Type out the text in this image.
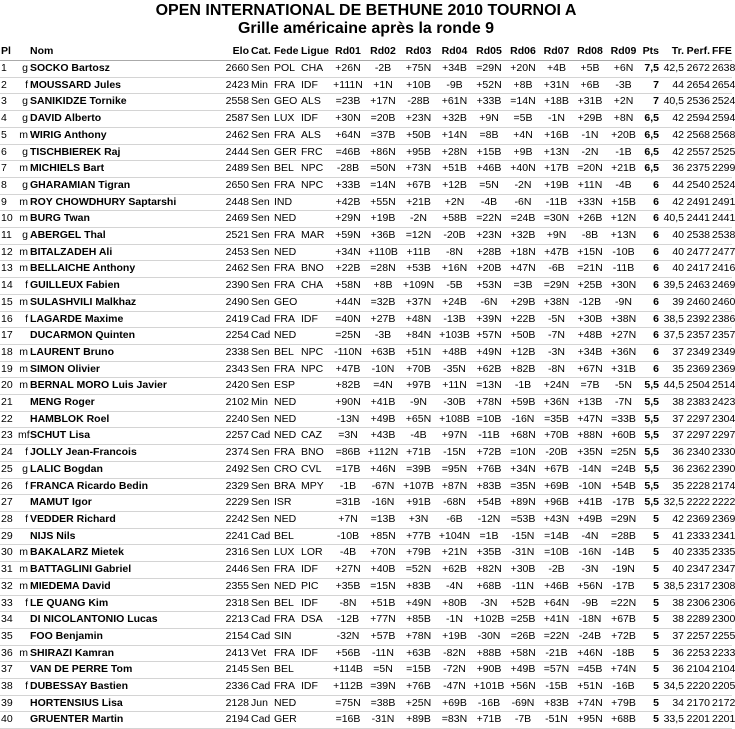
OPEN INTERNATIONAL DE BETHUNE 2010 TOURNOI A
Grille américaine après la ronde 9
Pl		Nom	Elo	Cat.	Fede	Ligue	Rd01	Rd02	Rd03	Rd04	Rd05	Rd06	Rd07	Rd08	Rd09	Pts	Tr.	Perf.	FFE
1	g	SOCKO Bartosz	2660	Sen	POL	CHA	+26N	-2B	+75N	+34B	=29N	+20N	+4B	+5B	+6N	7,5	42,5	2672	2638
2	f	MOUSSARD Jules	2423	Min	FRA	IDF	+111N	+1N	+10B	-9B	+52N	+8B	+31N	+6B	-3B	7	44	2654	2654
3	g	SANIKIDZE Tornike	2558	Sen	GEO	ALS	=23B	+17N	-28B	+61N	+33B	=14N	+18B	+31B	+2N	7	40,5	2536	2524
4	g	DAVID Alberto	2587	Sen	LUX	IDF	+30N	=20B	+23N	+32B	+9N	=5B	-1N	+29B	+8N	6,5	42	2594	2594
5	m	WIRIG Anthony	2462	Sen	FRA	ALS	+64N	=37B	+50B	+14N	=8B	+4N	+16B	-1N	+20B	6,5	42	2568	2568
6	g	TISCHBIEREK Raj	2444	Sen	GER	FRC	=46B	+86N	+95B	+28N	+15B	+9B	+13N	-2N	-1B	6,5	42	2557	2525
7	m	MICHIELS Bart	2489	Sen	BEL	NPC	-28B	=50N	+73N	+51B	+46B	+40N	+17B	=20N	+21B	6,5	36	2375	2299
8	g	GHARAMIAN Tigran	2650	Sen	FRA	NPC	+33B	=14N	+67B	+12B	=5N	-2N	+19B	+11N	-4B	6	44	2540	2524
9	m	ROY CHOWDHURY Saptarshi	2448	Sen	IND		+42B	+55N	+21B	+2N	-4B	-6N	-11B	+33N	+15B	6	42	2491	2491
10	m	BURG Twan	2469	Sen	NED		+29N	+19B	-2N	+58B	=22N	=24B	=30N	+26B	+12N	6	40,5	2441	2441
11	g	ABERGEL Thal	2521	Sen	FRA	MAR	+59N	+36B	=12N	-20B	+23N	+32B	+9N	-8B	+13N	6	40	2538	2538
12	m	BITALZADEH Ali	2453	Sen	NED		+34N	+110B	+11B	-8N	+28B	+18N	+47B	+15N	-10B	6	40	2477	2477
13	m	BELLAICHE Anthony	2462	Sen	FRA	BNO	+22B	=28N	+53B	+16N	+20B	+47N	-6B	=21N	-11B	6	40	2417	2416
14	f	GUILLEUX Fabien	2390	Sen	FRA	CHA	+58N	+8B	+109N	-5B	+53N	=3B	=29N	+25B	+30N	6	39,5	2463	2469
15	m	SULASHVILI Malkhaz	2490	Sen	GEO		+44N	=32B	+37N	+24B	-6N	+29B	+38N	-12B	-9N	6	39	2460	2460
16	f	LAGARDE Maxime	2419	Cad	FRA	IDF	=40N	+27B	+48N	-13B	+39N	+22B	-5N	+30B	+38N	6	38,5	2392	2386
17		DUCARMON Quinten	2254	Cad	NED		=25N	-3B	+84N	+103B	+57N	+50B	-7N	+48B	+27N	6	37,5	2357	2357
18	m	LAURENT Bruno	2338	Sen	BEL	NPC	-110N	+63B	+51N	+48B	+49N	+12B	-3N	+34B	+36N	6	37	2349	2349
19	m	SIMON Olivier	2343	Sen	FRA	NPC	+47B	-10N	+70B	-35N	+62B	+82B	-8N	+67N	+31B	6	35	2369	2369
20	m	BERNAL MORO Luis Javier	2420	Sen	ESP		+82B	=4N	+97B	+11N	=13N	-1B	+24N	=7B	-5N	5,5	44,5	2504	2514
21		MENG Roger	2102	Min	NED		+90N	+41B	-9N	-30B	+78N	+59B	+36N	+13B	-7N	5,5	38	2383	2423
22		HAMBLOK Roel	2240	Sen	NED		-13N	+49B	+65N	+108B	=10B	-16N	=35B	+47N	=33B	5,5	37	2297	2304
23	mf	SCHUT Lisa	2257	Cad	NED	CAZ	=3N	+43B	-4B	+97N	-11B	+68N	+70B	+88N	+60B	5,5	37	2297	2297
24	f	JOLLY Jean-Francois	2374	Sen	FRA	BNO	=86B	+112N	+71B	-15N	+72B	=10N	-20B	+35N	=25N	5,5	36	2340	2330
25	g	LALIC Bogdan	2492	Sen	CRO	CVL	=17B	+46N	=39B	=95N	+76B	+34N	+67B	-14N	=24B	5,5	36	2362	2390
26	f	FRANCA Ricardo Bedin	2329	Sen	BRA	MPY	-1B	-67N	+107B	+87N	+83B	=35N	+69B	-10N	+54B	5,5	35	2228	2174
27		MAMUT Igor	2229	Sen	ISR		=31B	-16N	+91B	-68N	+54B	+89N	+96B	+41B	-17B	5,5	32,5	2222	2222
28	f	VEDDER Richard	2242	Sen	NED		+7N	=13B	+3N	-6B	-12N	=53B	+43N	+49B	=29N	5	42	2369	2369
29		NIJS Nils	2241	Cad	BEL		-10B	+85N	+77B	+104N	=1B	-15N	=14B	-4N	=28B	5	41	2333	2341
30	m	BAKALARZ Mietek	2316	Sen	LUX	LOR	-4B	+70N	+79B	+21N	+35B	-31N	=10B	-16N	-14B	5	40	2335	2335
31	m	BATTAGLINI Gabriel	2446	Sen	FRA	IDF	+27N	+40B	=52N	+62B	+82N	+30B	-2B	-3N	-19N	5	40	2347	2347
32	m	MIEDEMA David	2355	Sen	NED	PIC	+35B	=15N	+83B	-4N	+68B	-11N	+46B	+56N	-17B	5	38,5	2317	2308
33	f	LE QUANG Kim	2318	Sen	BEL	IDF	-8N	+51B	+49N	+80B	-3N	+52B	+64N	-9B	=22N	5	38	2306	2306
34		DI NICOLANTONIO Lucas	2213	Cad	FRA	DSA	-12B	+77N	+85B	-1N	+102B	=25B	+41N	-18N	+67B	5	38	2289	2300
35		FOO Benjamin	2154	Cad	SIN		-32N	+57B	+78N	+19B	-30N	=26B	=22N	-24B	+72B	5	37	2257	2255
36	m	SHIRAZI Kamran	2413	Vet	FRA	IDF	+56B	-11N	+63B	-82N	+88B	+58N	-21B	+46N	-18B	5	36	2253	2233
37		VAN DE PERRE Tom	2145	Sen	BEL		+114B	=5N	=15B	-72N	+90B	+49B	=57N	=45B	+74N	5	36	2104	2104
38	f	DUBESSAY Bastien	2336	Cad	FRA	IDF	+112B	=39N	+76B	-47N	+101B	+56N	-15B	+51N	-16B	5	34,5	2220	2205
39		HORTENSIUS Lisa	2128	Jun	NED		=75N	=38B	+25N	+69B	-16B	-69N	+83B	+74N	+79B	5	34	2170	2172
40		GRUENTER Martin	2194	Cad	GER		=16B	-31N	+89B	=83N	+71B	-7B	-51N	+95N	+68B	5	33,5	2201	2201
